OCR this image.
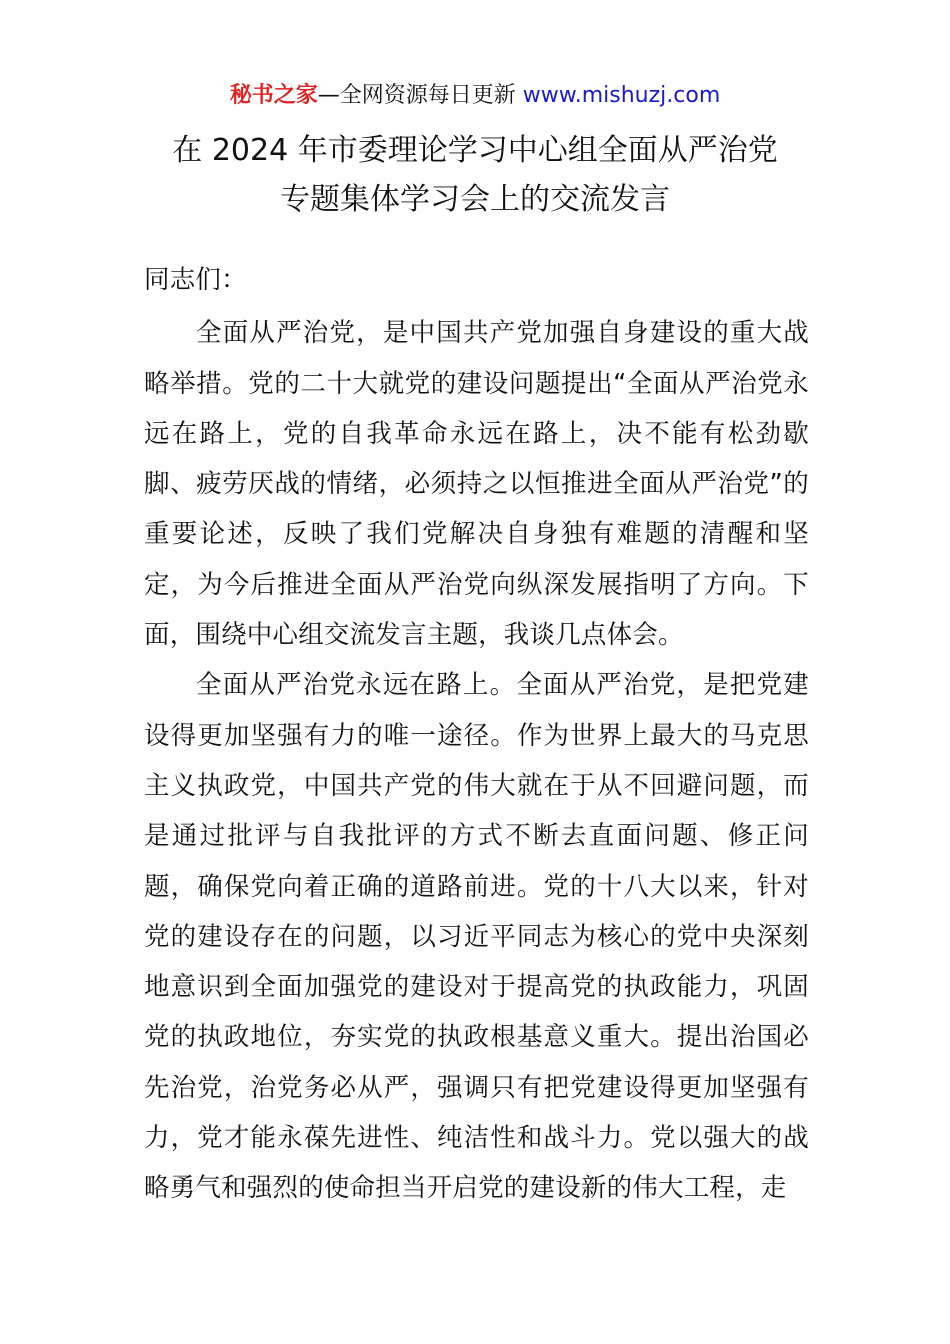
秘书之家—全网资源每日更新 www.mishuzj.com
在 2024 年市委理论学习中心组全面从严治党
专题集体学习会上的交流发言
同志们：
全面从严治党，是中国共产党加强自身建设的重大战略举措。党的二十大就党的建设问题提出“全面从严治党永远在路上，党的自我革命永远在路上，决不能有松劲歇脚、疲劳厌战的情绪，必须持之以恒推进全面从严治党”的重要论述，反映了我们党解决自身独有难题的清醒和坚定，为今后推进全面从严治党向纵深发展指明了方向。下面，围绕中心组交流发言主题，我谈几点体会。
全面从严治党永远在路上。全面从严治党，是把党建设得更加坚强有力的唯一途径。作为世界上最大的马克思主义执政党，中国共产党的伟大就在于从不回避问题，而是通过批评与自我批评的方式不断去直面问题、修正问题，确保党向着正确的道路前进。党的十八大以来，针对党的建设存在的问题，以习近平同志为核心的党中央深刻地意识到全面加强党的建设对于提高党的执政能力，巩固党的执政地位，夯实党的执政根基意义重大。提出治国必先治党，治党务必从严，强调只有把党建设得更加坚强有力，党才能永葆先进性、纯洁性和战斗力。党以强大的战略勇气和强烈的使命担当开启党的建设新的伟大工程，走
